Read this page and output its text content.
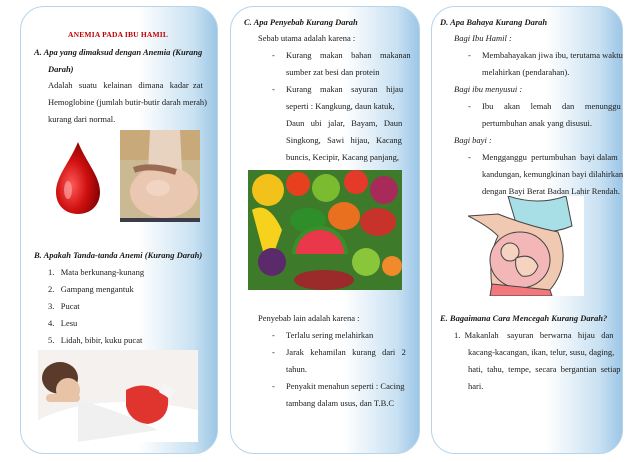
ANEMIA PADA IBU HAMIL
A. Apa yang dimaksud dengan Anemia (Kurang
Darah)
Adalah   suatu   kelainan   dimana   kadar  zat
Hemoglobine (jumlah butir-butir darah merah)
kurang dari normal.
B. Apakah Tanda-tanda Anemi (Kurang Darah)
1. Mata berkunang-kunang
2. Gampang mengantuk
3. Pucat
4. Lesu
5. Lidah, bibir, kuku pucat
C. Apa Penyebab Kurang Darah
Sebab utama adalah karena :
- Kurang    makan    bahan    makanan
sumber zat besi dan protein
- Kurang    makan    sayuran    hijau
seperti : Kangkung, daun katuk,
Daun   ubi   jalar,   Bayam,   Daun
Singkong,   Sawi   hijau,   Kacang
buncis, Kecipir, Kacang panjang,
Penyebab lain adalah karena :
- Terlalu sering melahirkan
- Jarak   kehamilan   kurang   dari   2
tahun.
- Penyakit menahun seperti : Cacing
tambang dalam usus, dan T.B.C
D. Apa Bahaya Kurang Darah
Bagi Ibu Hamil :
- Membahayakan jiwa ibu, terutama waktu
melahirkan (pendarahan).
Bagi ibu menyusui :
- Ibu     akan     lemah     dan     menunggu
pertumbuhan anak yang disusui.
Bagi bayi :
- Mengganggu  pertumbuhan  bayi dalam
kandungan, kemungkinan bayi dilahirkan
dengan Bayi Berat Badan Lahir Rendah.
E. Bagaimana Cara Mencegah Kurang Darah?
1.  Makanlah    sayuran   berwarna   hijau   dan
kacang-kacangan, ikan, telur, susu, daging,
hati,  tahu,  tempe,  secara  bergantian  setiap
hari.
